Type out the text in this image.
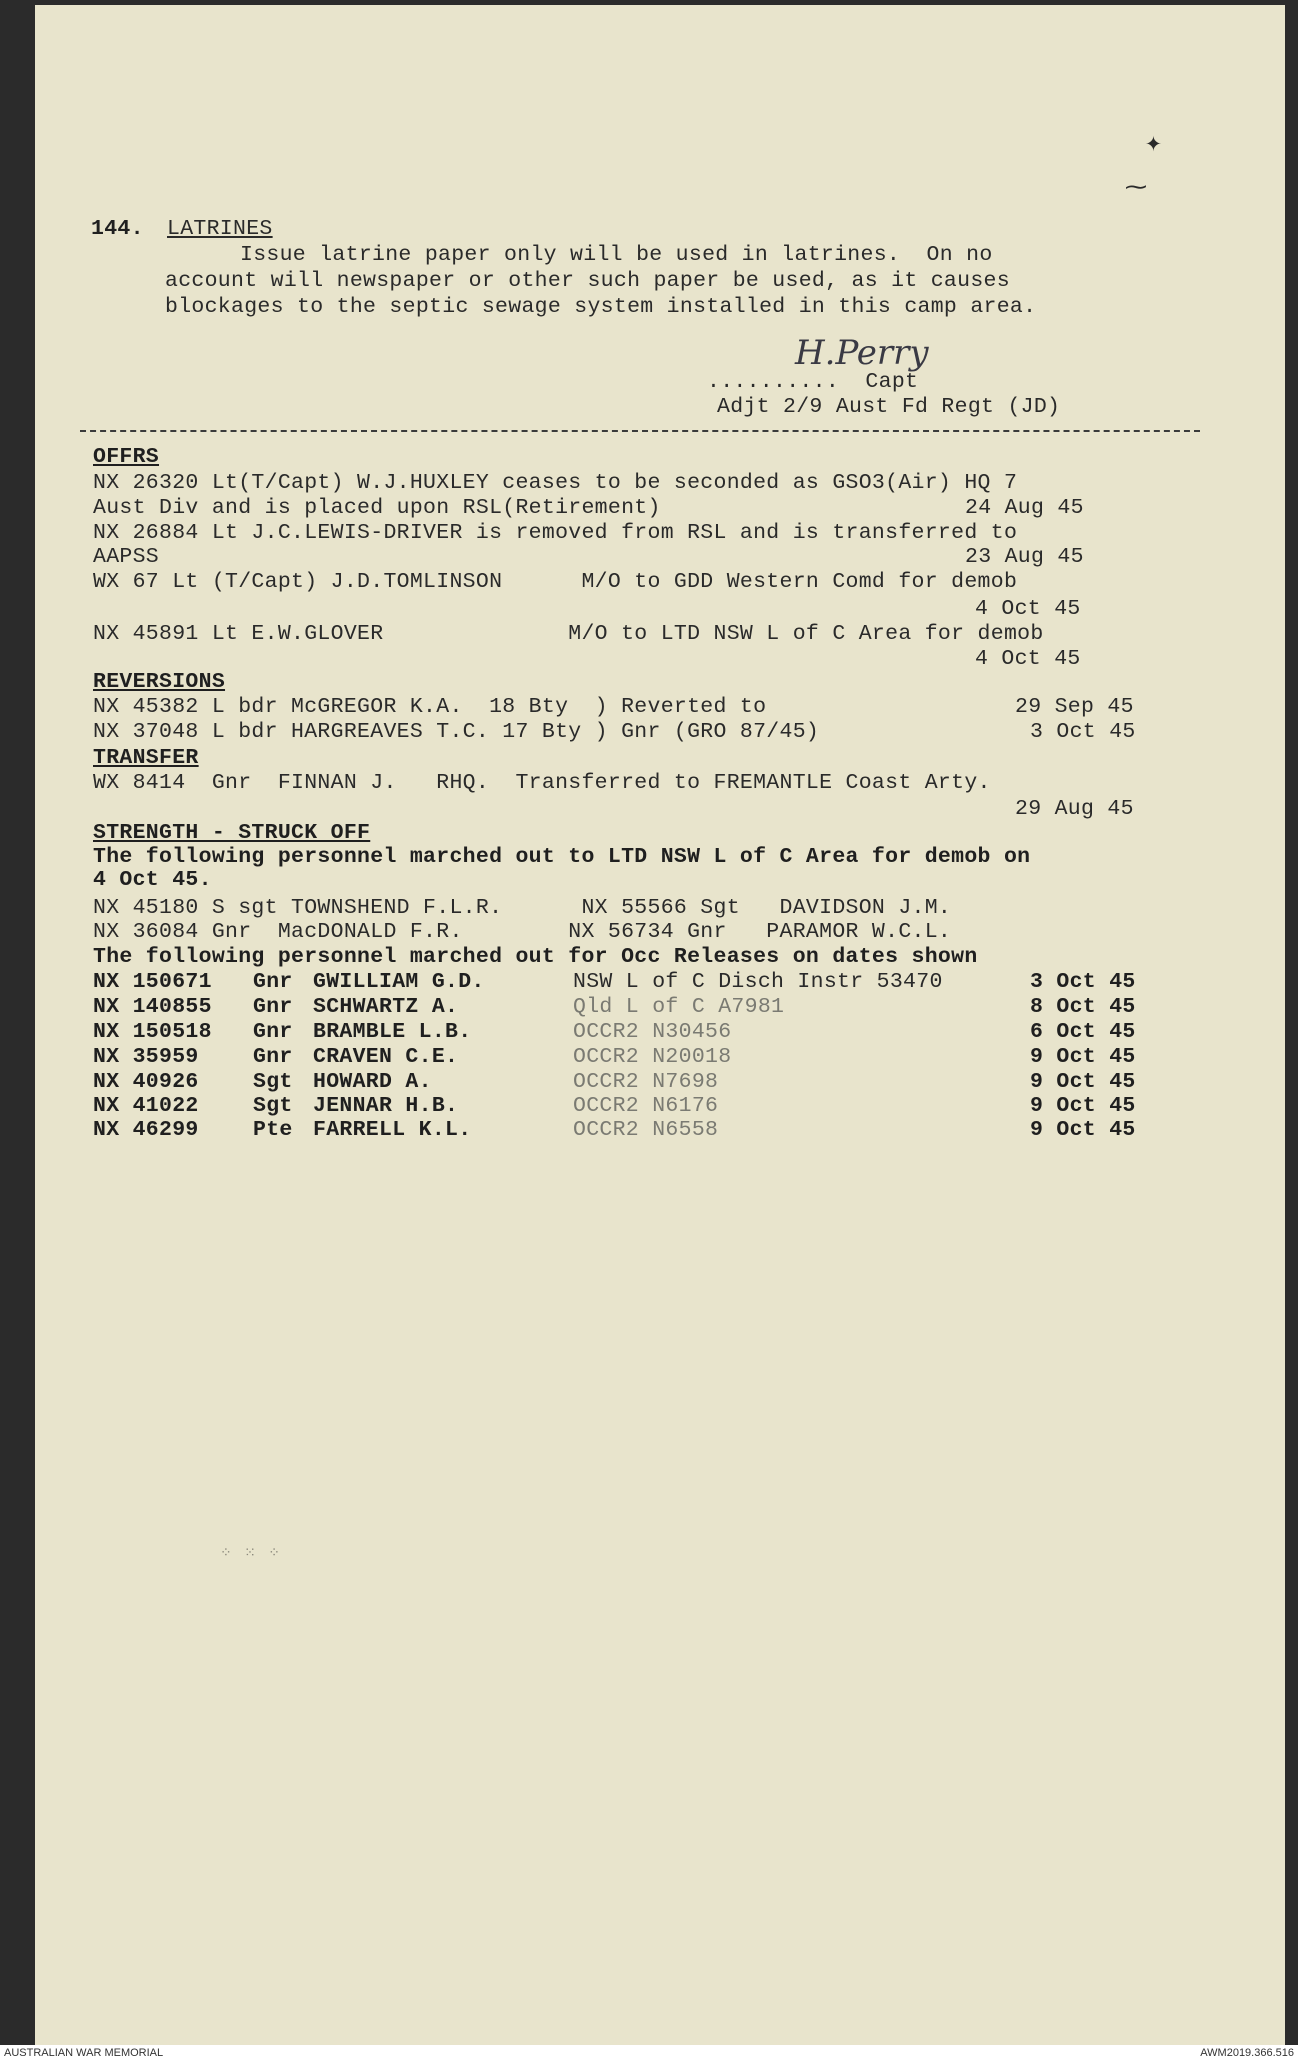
✦
⁓
144. LATRINES
Issue latrine paper only will be used in latrines.  On no
account will newspaper or other such paper be used, as it causes
blockages to the septic sewage system installed in this camp area.
H.Perry
..........  Capt
Adjt 2/9 Aust Fd Regt (JD)
OFFRS
NX 26320 Lt(T/Capt) W.J.HUXLEY ceases to be seconded as GSO3(Air) HQ 7
Aust Div and is placed upon RSL(Retirement)	24 Aug 45
NX 26884 Lt J.C.LEWIS-DRIVER is removed from RSL and is transferred to
AAPSS	23 Aug 45
WX 67 Lt (T/Capt) J.D.TOMLINSON      M/O to GDD Western Comd for demob
4 Oct 45
NX 45891 Lt E.W.GLOVER              M/O to LTD NSW L of C Area for demob
4 Oct 45
REVERSIONS
NX 45382 L bdr McGREGOR K.A.  18 Bty  ) Reverted to	29 Sep 45
NX 37048 L bdr HARGREAVES T.C. 17 Bty ) Gnr (GRO 87/45)	3 Oct 45
TRANSFER
WX 8414  Gnr  FINNAN J.   RHQ.  Transferred to FREMANTLE Coast Arty.
29 Aug 45
STRENGTH - STRUCK OFF
The following personnel marched out to LTD NSW L of C Area for demob on
4 Oct 45.
NX 45180 S sgt TOWNSHEND F.L.R.      NX 55566 Sgt   DAVIDSON J.M.
NX 36084 Gnr  MacDONALD F.R.        NX 56734 Gnr   PARAMOR W.C.L.
The following personnel marched out for Occ Releases on dates shown
NX 150671 Gnr GWILLIAM G.D.	NSW L of C Disch Instr 53470	3 Oct 45
NX 140855 Gnr SCHWARTZ A.	Qld L of C A7981	8 Oct 45
NX 150518 Gnr BRAMBLE L.B.	OCCR2 N30456	6 Oct 45
NX 35959	Gnr CRAVEN C.E.	OCCR2 N20018	9 Oct 45
NX 40926	Sgt HOWARD A.	OCCR2 N7698	9 Oct 45
NX 41022	Sgt JENNAR H.B.	OCCR2 N6176	9 Oct 45
NX 46299	Pte FARRELL K.L.	OCCR2 N6558	9 Oct 45
⁘ ⁙ ⁘
AUSTRALIAN WAR MEMORIAL	AWM2019.366.516
